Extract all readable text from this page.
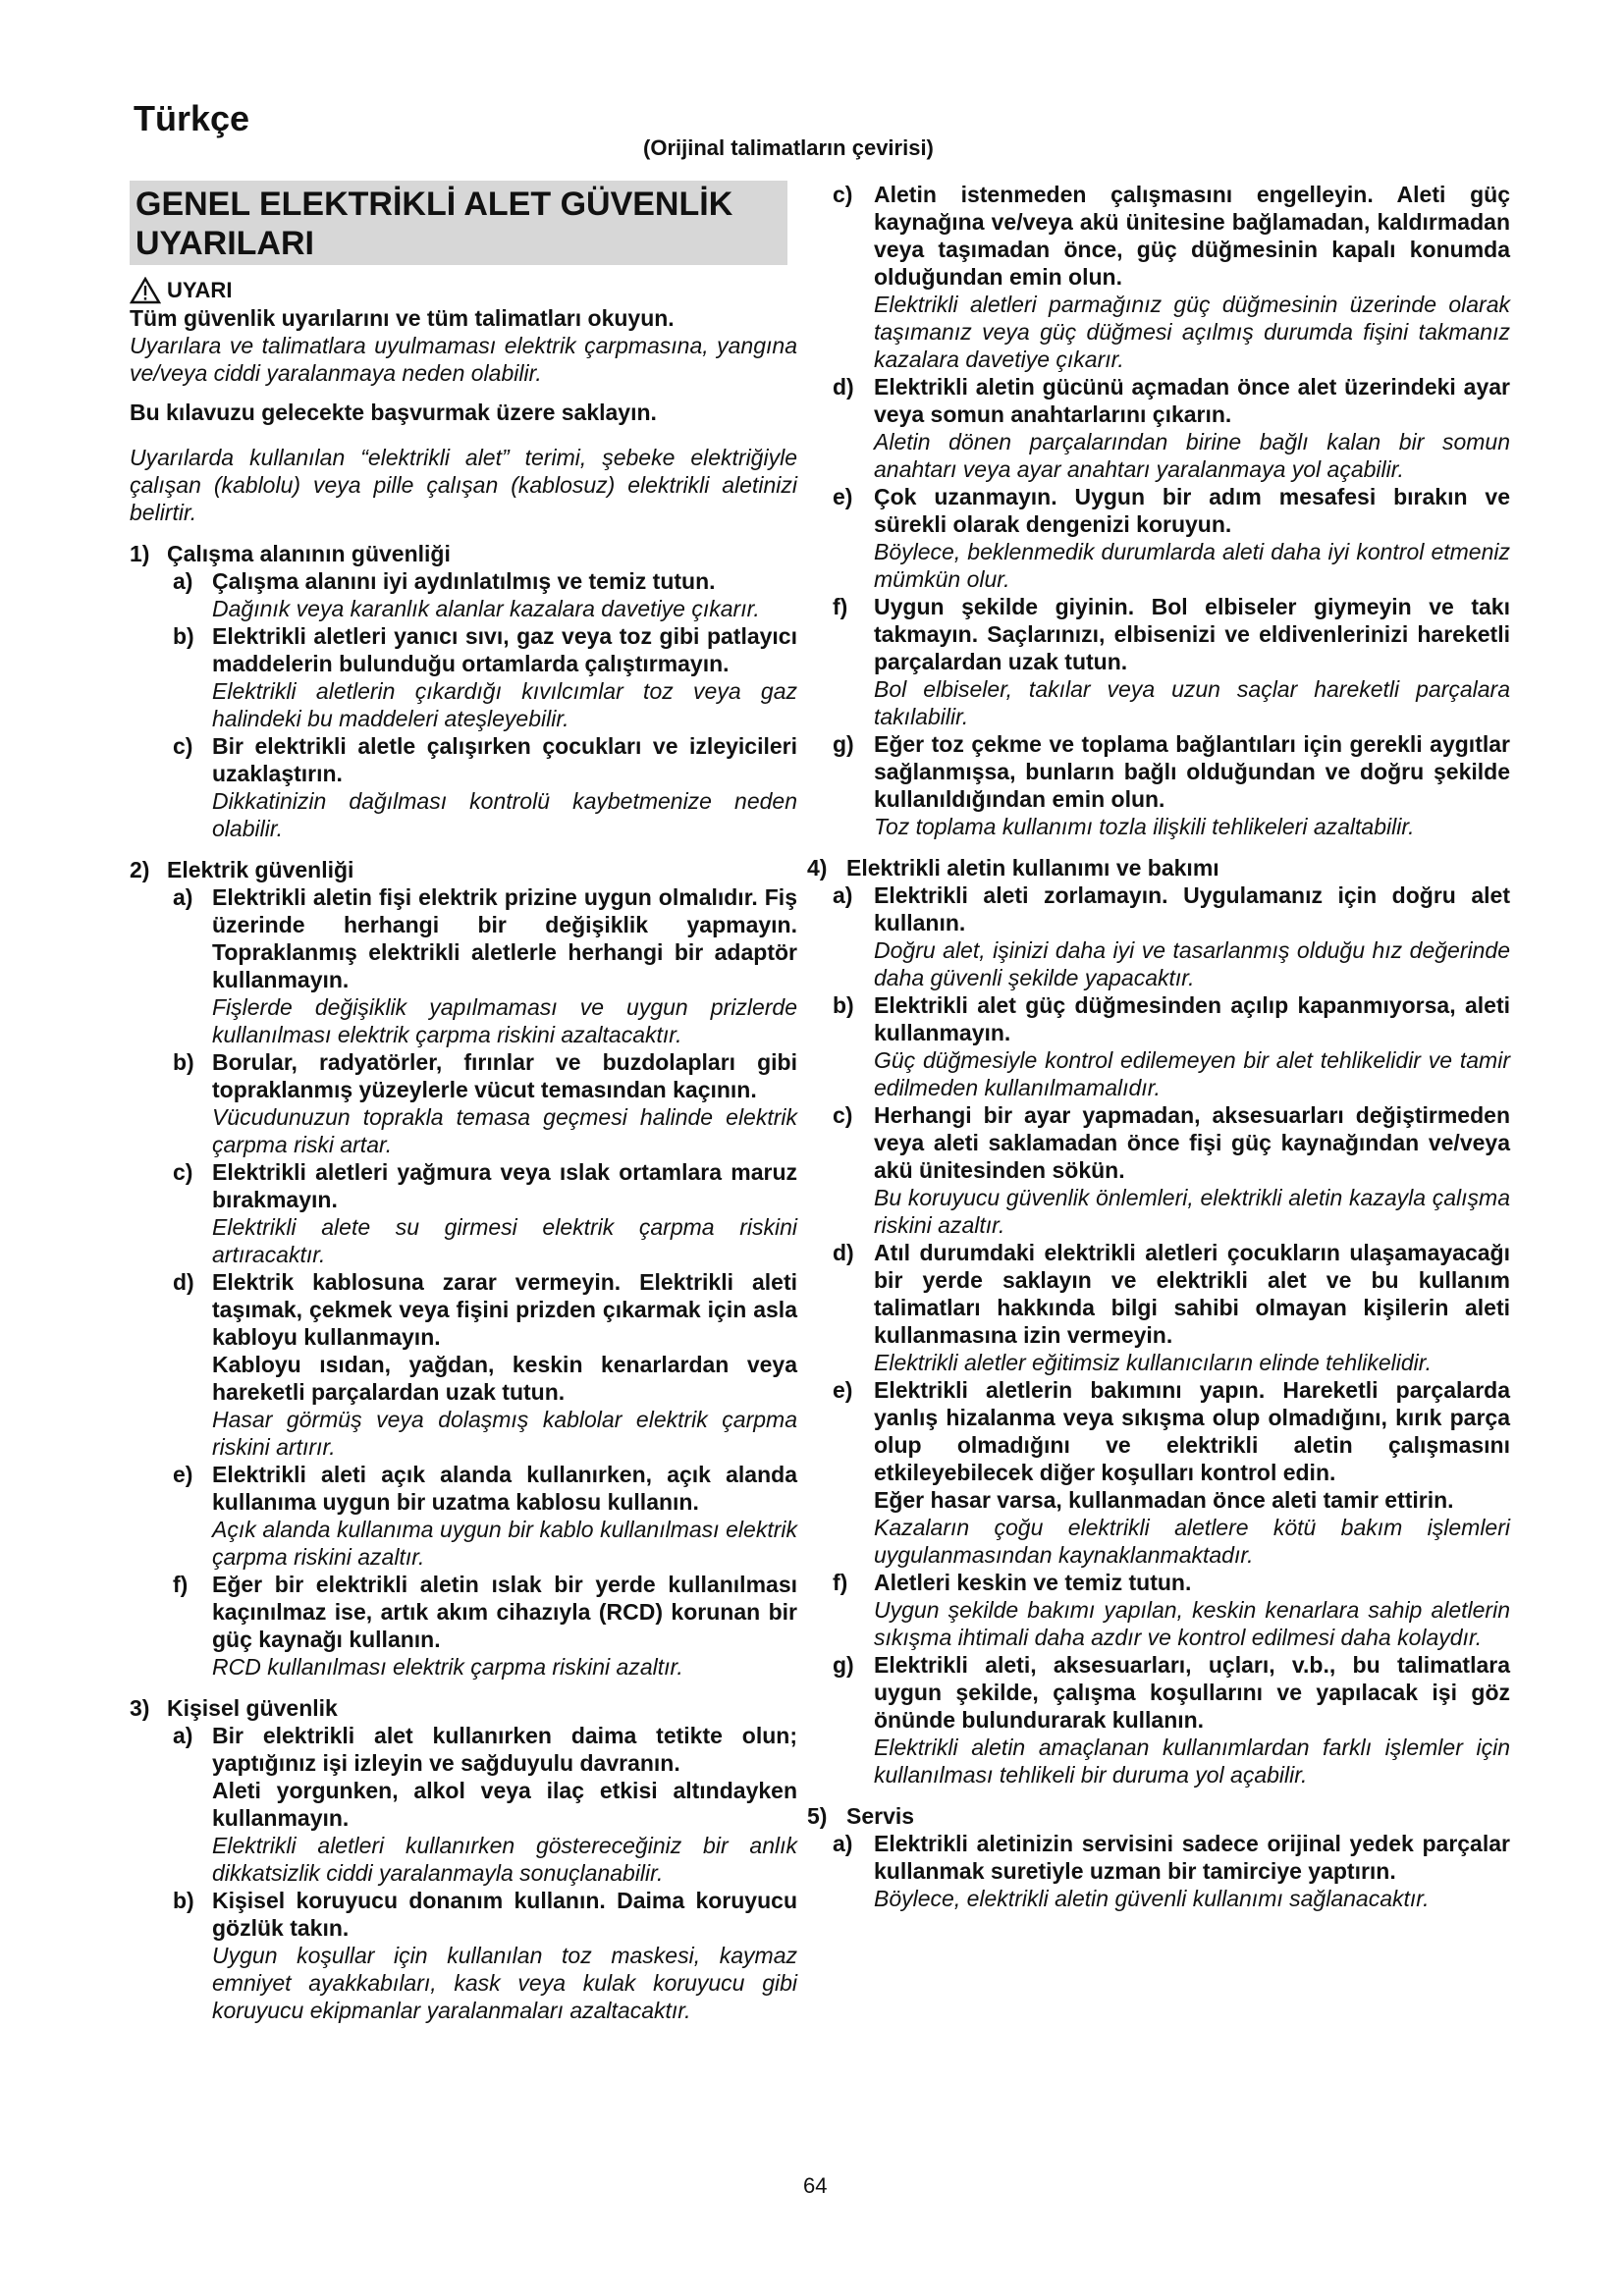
Türkçe
(Orijinal talimatların çevirisi)
GENEL ELEKTRİKLİ ALET GÜVENLİK UYARILARI
UYARI

Tüm güvenlik uyarılarını ve tüm talimatları okuyun.

Uyarılara ve talimatlara uyulmaması elektrik çarpmasına, yangına ve/veya ciddi yaralanmaya neden olabilir.

Bu kılavuzu gelecekte başvurmak üzere saklayın.

Uyarılarda kullanılan “elektrikli alet” terimi, şebeke elektriğiyle çalışan (kablolu) veya pille çalışan (kablosuz) elektrikli aletinizi belirtir.

1) Çalışma alanının güvenliği
a) Çalışma alanını iyi aydınlatılmış ve temiz tutun.

Dağınık veya karanlık alanlar kazalara davetiye çıkarır.

b) Elektrikli aletleri yanıcı sıvı, gaz veya toz gibi patlayıcı maddelerin bulunduğu ortamlarda çalıştırmayın.

Elektrikli aletlerin çıkardığı kıvılcımlar toz veya gaz halindeki bu maddeleri ateşleyebilir.

c) Bir elektrikli aletle çalışırken çocukları ve izleyicileri uzaklaştırın.

Dikkatinizin dağılması kontrolü kaybetmenize neden olabilir.

2) Elektrik güvenliği
a) Elektrikli aletin fişi elektrik prizine uygun olmalıdır. Fiş üzerinde herhangi bir değişiklik yapmayın. Topraklanmış elektrikli aletlerle herhangi bir adaptör kullanmayın.

Fişlerde değişiklik yapılmaması ve uygun prizlerde kullanılması elektrik çarpma riskini azaltacaktır.

b) Borular, radyatörler, fırınlar ve buzdolapları gibi topraklanmış yüzeylerle vücut temasından kaçının.

Vücudunuzun toprakla temasa geçmesi halinde elektrik çarpma riski artar.

c) Elektrikli aletleri yağmura veya ıslak ortamlara maruz bırakmayın.

Elektrikli alete su girmesi elektrik çarpma riskini artıracaktır.

d) Elektrik kablosuna zarar vermeyin. Elektrikli aleti taşımak, çekmek veya fişini prizden çıkarmak için asla kabloyu kullanmayın.

Kabloyu ısıdan, yağdan, keskin kenarlardan veya hareketli parçalardan uzak tutun.

Hasar görmüş veya dolaşmış kablolar elektrik çarpma riskini artırır.

e) Elektrikli aleti açık alanda kullanırken, açık alanda kullanıma uygun bir uzatma kablosu kullanın.

Açık alanda kullanıma uygun bir kablo kullanılması elektrik çarpma riskini azaltır.

f)	Eğer bir elektrikli aletin ıslak bir yerde kullanılması kaçınılmaz ise, artık akım cihazıyla (RCD) korunan bir güç kaynağı kullanın.

RCD kullanılması elektrik çarpma riskini azaltır.

3) Kişisel güvenlik
a) Bir elektrikli alet kullanırken daima tetikte olun; yaptığınız işi izleyin ve sağduyulu davranın.

Aleti yorgunken, alkol veya ilaç etkisi altındayken kullanmayın.

Elektrikli aletleri kullanırken göstereceğiniz bir anlık dikkatsizlik ciddi yaralanmayla sonuçlanabilir.

b) Kişisel koruyucu donanım kullanın. Daima koruyucu gözlük takın.

Uygun koşullar için kullanılan toz maskesi, kaymaz emniyet ayakkabıları, kask veya kulak koruyucu gibi koruyucu ekipmanlar yaralanmaları azaltacaktır.

c) Aletin istenmeden çalışmasını engelleyin. Aleti güç kaynağına ve/veya akü ünitesine bağlamadan, kaldırmadan veya taşımadan önce, güç düğmesinin kapalı konumda olduğundan emin olun.

Elektrikli aletleri parmağınız güç düğmesinin üzerinde olarak taşımanız veya güç düğmesi açılmış durumda fişini takmanız kazalara davetiye çıkarır.

d) Elektrikli aletin gücünü açmadan önce alet üzerindeki ayar veya somun anahtarlarını çıkarın.

Aletin dönen parçalarından birine bağlı kalan bir somun anahtarı veya ayar anahtarı yaralanmaya yol açabilir.

e) Çok uzanmayın. Uygun bir adım mesafesi bırakın ve sürekli olarak dengenizi koruyun.

Böylece, beklenmedik durumlarda aleti daha iyi kontrol etmeniz mümkün olur.

f)	Uygun şekilde giyinin. Bol elbiseler giymeyin ve takı takmayın. Saçlarınızı, elbisenizi ve eldivenlerinizi hareketli parçalardan uzak tutun.

Bol elbiseler, takılar veya uzun saçlar hareketli parçalara takılabilir.

g) Eğer toz çekme ve toplama bağlantıları için gerekli aygıtlar sağlanmışsa, bunların bağlı olduğundan ve doğru şekilde kullanıldığından emin olun.

Toz toplama kullanımı tozla ilişkili tehlikeleri azaltabilir.

4) Elektrikli aletin kullanımı ve bakımı
a) Elektrikli aleti zorlamayın. Uygulamanız için doğru alet kullanın.

Doğru alet, işinizi daha iyi ve tasarlanmış olduğu hız değerinde daha güvenli şekilde yapacaktır.

b) Elektrikli alet güç düğmesinden açılıp kapanmıyorsa, aleti kullanmayın.

Güç düğmesiyle kontrol edilemeyen bir alet tehlikelidir ve tamir edilmeden kullanılmamalıdır.

c) Herhangi bir ayar yapmadan, aksesuarları değiştirmeden veya aleti saklamadan önce fişi güç kaynağından ve/veya akü ünitesinden sökün.

Bu koruyucu güvenlik önlemleri, elektrikli aletin kazayla çalışma riskini azaltır.

d) Atıl durumdaki elektrikli aletleri çocukların ulaşamayacağı bir yerde saklayın ve elektrikli alet ve bu kullanım talimatları hakkında bilgi sahibi olmayan kişilerin aleti kullanmasına izin vermeyin.

Elektrikli aletler eğitimsiz kullanıcıların elinde tehlikelidir.

e) Elektrikli aletlerin bakımını yapın. Hareketli parçalarda yanlış hizalanma veya sıkışma olup olmadığını, kırık parça olup olmadığını ve elektrikli aletin çalışmasını etkileyebilecek diğer koşulları kontrol edin.

Eğer hasar varsa, kullanmadan önce aleti tamir ettirin.

Kazaların çoğu elektrikli aletlere kötü bakım işlemleri uygulanmasından kaynaklanmaktadır.

f)	Aletleri keskin ve temiz tutun.

Uygun şekilde bakımı yapılan, keskin kenarlara sahip aletlerin sıkışma ihtimali daha azdır ve kontrol edilmesi daha kolaydır.

g) Elektrikli aleti, aksesuarları, uçları, v.b., bu talimatlara uygun şekilde, çalışma koşullarını ve yapılacak işi göz önünde bulundurarak kullanın.

Elektrikli aletin amaçlanan kullanımlardan farklı işlemler için kullanılması tehlikeli bir duruma yol açabilir.

5) Servis
a) Elektrikli aletinizin servisini sadece orijinal yedek parçalar kullanmak suretiyle uzman bir tamirciye yaptırın.

Böylece, elektrikli aletin güvenli kullanımı sağlanacaktır.

64
